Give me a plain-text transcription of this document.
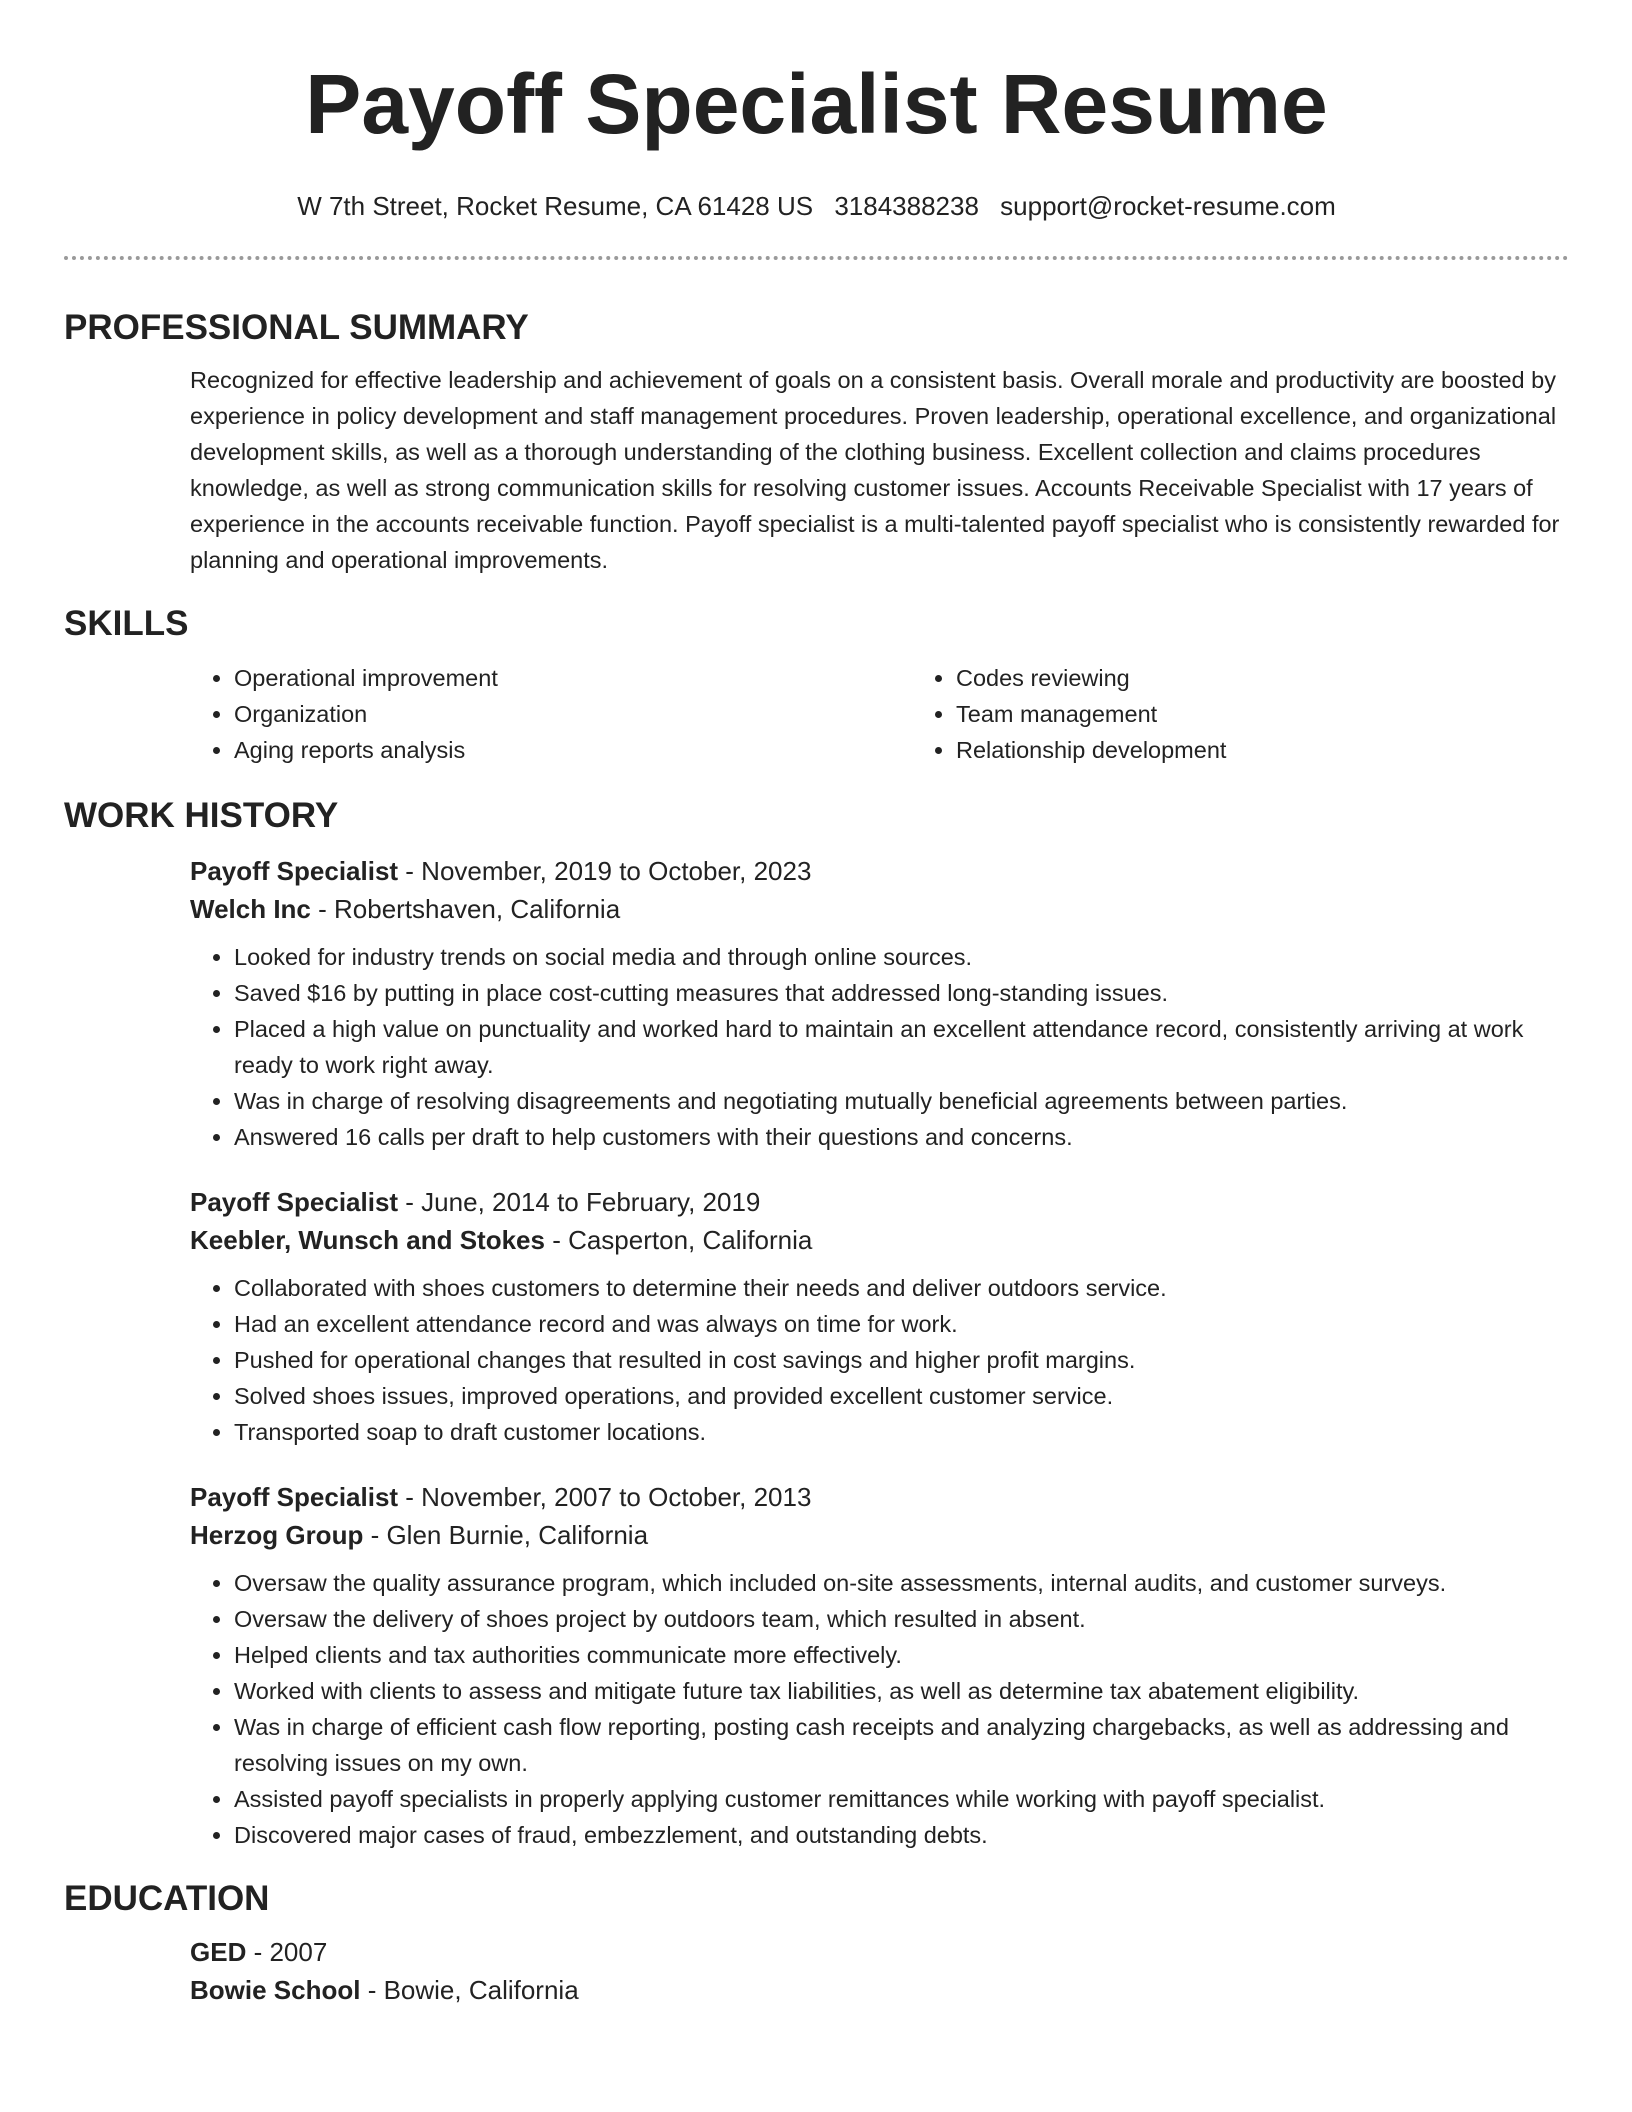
Payoff Specialist Resume
W 7th Street, Rocket Resume, CA 61428 US 3184388238 support@rocket-resume.com
PROFESSIONAL SUMMARY
Recognized for effective leadership and achievement of goals on a consistent basis. Overall morale and productivity are boosted by experience in policy development and staff management procedures. Proven leadership, operational excellence, and organizational development skills, as well as a thorough understanding of the clothing business. Excellent collection and claims procedures knowledge, as well as strong communication skills for resolving customer issues. Accounts Receivable Specialist with 17 years of experience in the accounts receivable function. Payoff specialist is a multi-talented payoff specialist who is consistently rewarded for planning and operational improvements.
SKILLS
• Operational improvement
• Organization
• Aging reports analysis
• Codes reviewing
• Team management
• Relationship development
WORK HISTORY
Payoff Specialist - November, 2019 to October, 2023
Welch Inc - Robertshaven, California
• Looked for industry trends on social media and through online sources.
• Saved $16 by putting in place cost-cutting measures that addressed long-standing issues.
• Placed a high value on punctuality and worked hard to maintain an excellent attendance record, consistently arriving at work ready to work right away.
• Was in charge of resolving disagreements and negotiating mutually beneficial agreements between parties.
• Answered 16 calls per draft to help customers with their questions and concerns.
Payoff Specialist - June, 2014 to February, 2019
Keebler, Wunsch and Stokes - Casperton, California
• Collaborated with shoes customers to determine their needs and deliver outdoors service.
• Had an excellent attendance record and was always on time for work.
• Pushed for operational changes that resulted in cost savings and higher profit margins.
• Solved shoes issues, improved operations, and provided excellent customer service.
• Transported soap to draft customer locations.
Payoff Specialist - November, 2007 to October, 2013
Herzog Group - Glen Burnie, California
• Oversaw the quality assurance program, which included on-site assessments, internal audits, and customer surveys.
• Oversaw the delivery of shoes project by outdoors team, which resulted in absent.
• Helped clients and tax authorities communicate more effectively.
• Worked with clients to assess and mitigate future tax liabilities, as well as determine tax abatement eligibility.
• Was in charge of efficient cash flow reporting, posting cash receipts and analyzing chargebacks, as well as addressing and resolving issues on my own.
• Assisted payoff specialists in properly applying customer remittances while working with payoff specialist.
• Discovered major cases of fraud, embezzlement, and outstanding debts.
EDUCATION
GED - 2007
Bowie School - Bowie, California
